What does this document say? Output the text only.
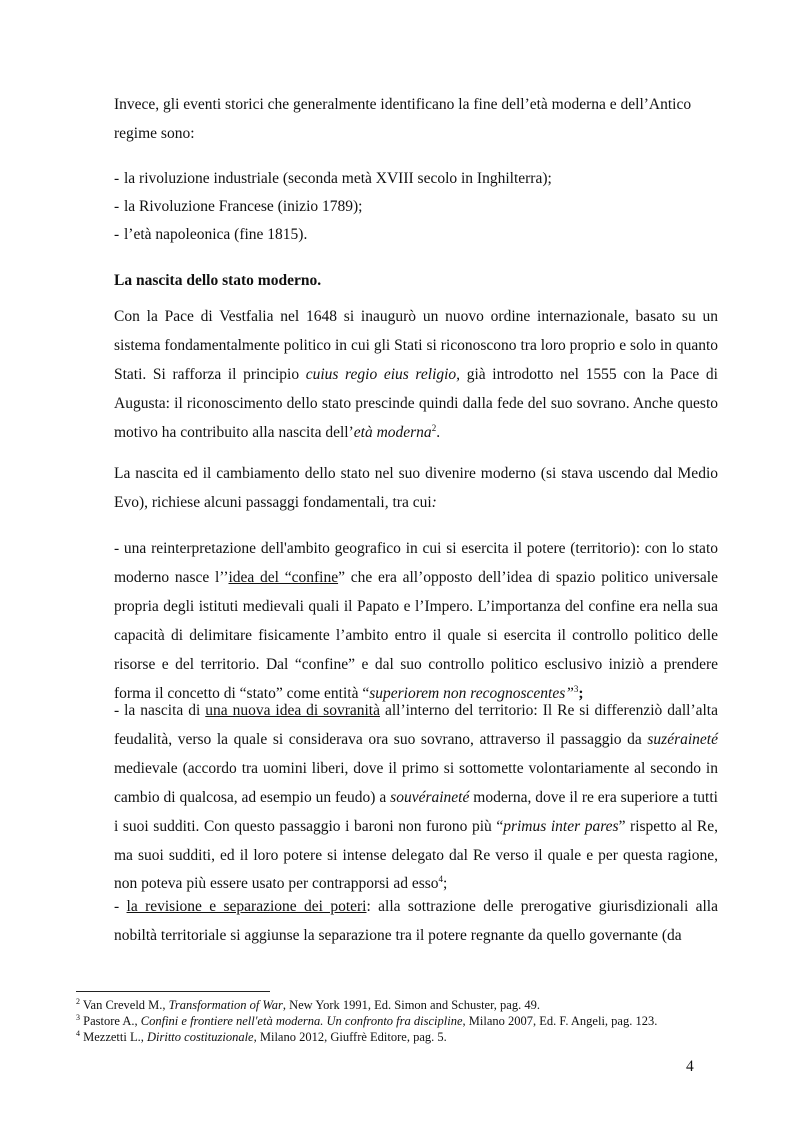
Invece, gli eventi storici che generalmente identificano la fine dell’età moderna e dell’Antico
regime sono:

- la rivoluzione industriale (seconda metà XVIII secolo in Inghilterra);

- la Rivoluzione Francese (inizio 1789);

- l’età napoleonica (fine 1815).

La nascita dello stato moderno.

Con la Pace di Vestfalia nel 1648 si inaugurò un nuovo ordine internazionale, basato su un sistema fondamentalmente politico in cui gli Stati si riconoscono tra loro proprio e solo in quanto Stati. Si rafforza il principio cuius regio eius religio, già introdotto nel 1555 con la Pace di Augusta: il riconoscimento dello stato prescinde quindi dalla fede del suo sovrano. Anche questo motivo ha contribuito alla nascita dell’età moderna$^2$.

La nascita ed il cambiamento dello stato nel suo divenire moderno (si stava uscendo dal Medio Evo), richiese alcuni passaggi fondamentali, tra cui:

- una reinterpretazione dell'ambito geografico in cui si esercita il potere (territorio): con lo stato moderno nasce l’’idea del “confine” che era all’opposto dell’idea di spazio politico universale propria degli istituti medievali quali il Papato e l’Impero. L’importanza del confine era nella sua capacità di delimitare fisicamente l’ambito entro il quale si esercita il controllo politico delle risorse e del territorio. Dal “confine” e dal suo controllo politico esclusivo iniziò a prendere forma il concetto di “stato” come entità “superiorem non recognoscentes”$^3$;

- la nascita di una nuova idea di sovranità all’interno del territorio: Il Re si differenziò dall’alta feudalità, verso la quale si considerava ora suo sovrano, attraverso il passaggio da suzéraineté medievale (accordo tra uomini liberi, dove il primo si sottomette volontariamente al secondo in cambio di qualcosa, ad esempio un feudo) a souvéraineté moderna, dove il re era superiore a tutti i suoi sudditi. Con questo passaggio i baroni non furono più “primus inter pares” rispetto al Re, ma suoi sudditi, ed il loro potere si intense delegato dal Re verso il quale e per questa ragione, non poteva più essere usato per contrapporsi ad esso$^4$;

- la revisione e separazione dei poteri: alla sottrazione delle prerogative giurisdizionali alla nobiltà territoriale si aggiunse la separazione tra il potere regnante da quello governante (da

$^2$ Van Creveld M., Transformation of War, New York 1991, Ed. Simon and Schuster, pag. 49.

$^3$ Pastore A., Confini e frontiere nell'età moderna. Un confronto fra discipline, Milano 2007, Ed. F. Angeli, pag. 123.

$^4$ Mezzetti L., Diritto costituzionale, Milano 2012, Giuffrè Editore, pag. 5.

4
